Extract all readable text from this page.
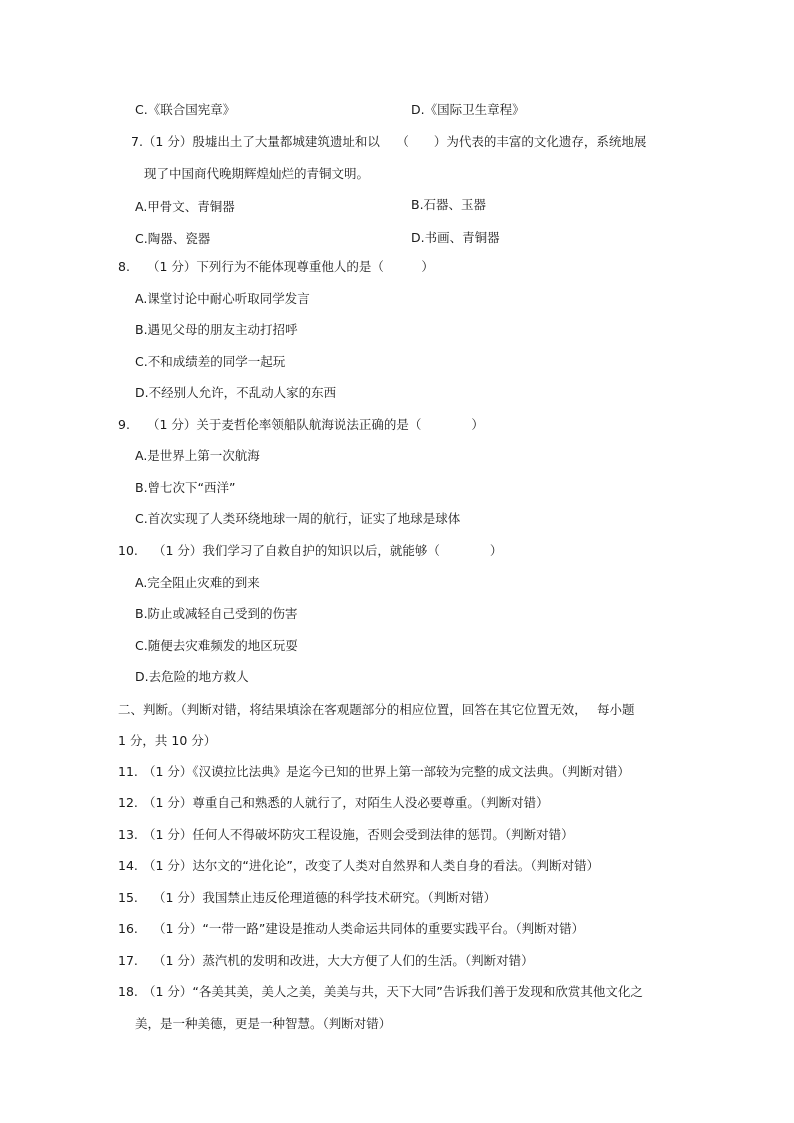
C.《联合国宪章》	D.《国际卫生章程》
7.（1 分）殷墟出土了大量都城建筑遗址和以　 （　　）为代表的丰富的文化遗存，系统地展
现了中国商代晚期辉煌灿烂的青铜文明。
A.甲骨文、青铜器	B.石器、玉器
C.陶器、瓷器	D.书画、青铜器
8. （1 分）下列行为不能体现尊重他人的是（　　　）
A.课堂讨论中耐心听取同学发言
B.遇见父母的朋友主动打招呼
C.不和成绩差的同学一起玩
D.不经别人允许，不乱动人家的东西
9. （1 分）关于麦哲伦率领船队航海说法正确的是（　　　　）
A.是世界上第一次航海
B.曾七次下“西洋”
C.首次实现了人类环绕地球一周的航行，证实了地球是球体
10. （1 分）我们学习了自救自护的知识以后，就能够（　　　　）
A.完全阻止灾难的到来
B.防止或减轻自己受到的伤害
C.随便去灾难频发的地区玩耍
D.去危险的地方救人
二、判断。（判断对错，将结果填涂在客观题部分的相应位置，回答在其它位置无效，　 每小题
1 分，共 10 分）
11. （1 分）《汉谟拉比法典》是迄今已知的世界上第一部较为完整的成文法典。（判断对错）
12. （1 分）尊重自己和熟悉的人就行了，对陌生人没必要尊重。（判断对错）
13. （1 分）任何人不得破坏防灾工程设施，否则会受到法律的惩罚。（判断对错）
14. （1 分）达尔文的“进化论”，改变了人类对自然界和人类自身的看法。（判断对错）
15. （1 分）我国禁止违反伦理道德的科学技术研究。（判断对错）
16. （1 分）“一带一路”建设是推动人类命运共同体的重要实践平台。（判断对错）
17. （1 分）蒸汽机的发明和改进，大大方便了人们的生活。（判断对错）
18. （1 分）“各美其美，美人之美，美美与共，天下大同”告诉我们善于发现和欣赏其他文化之
美，是一种美德，更是一种智慧。（判断对错）
